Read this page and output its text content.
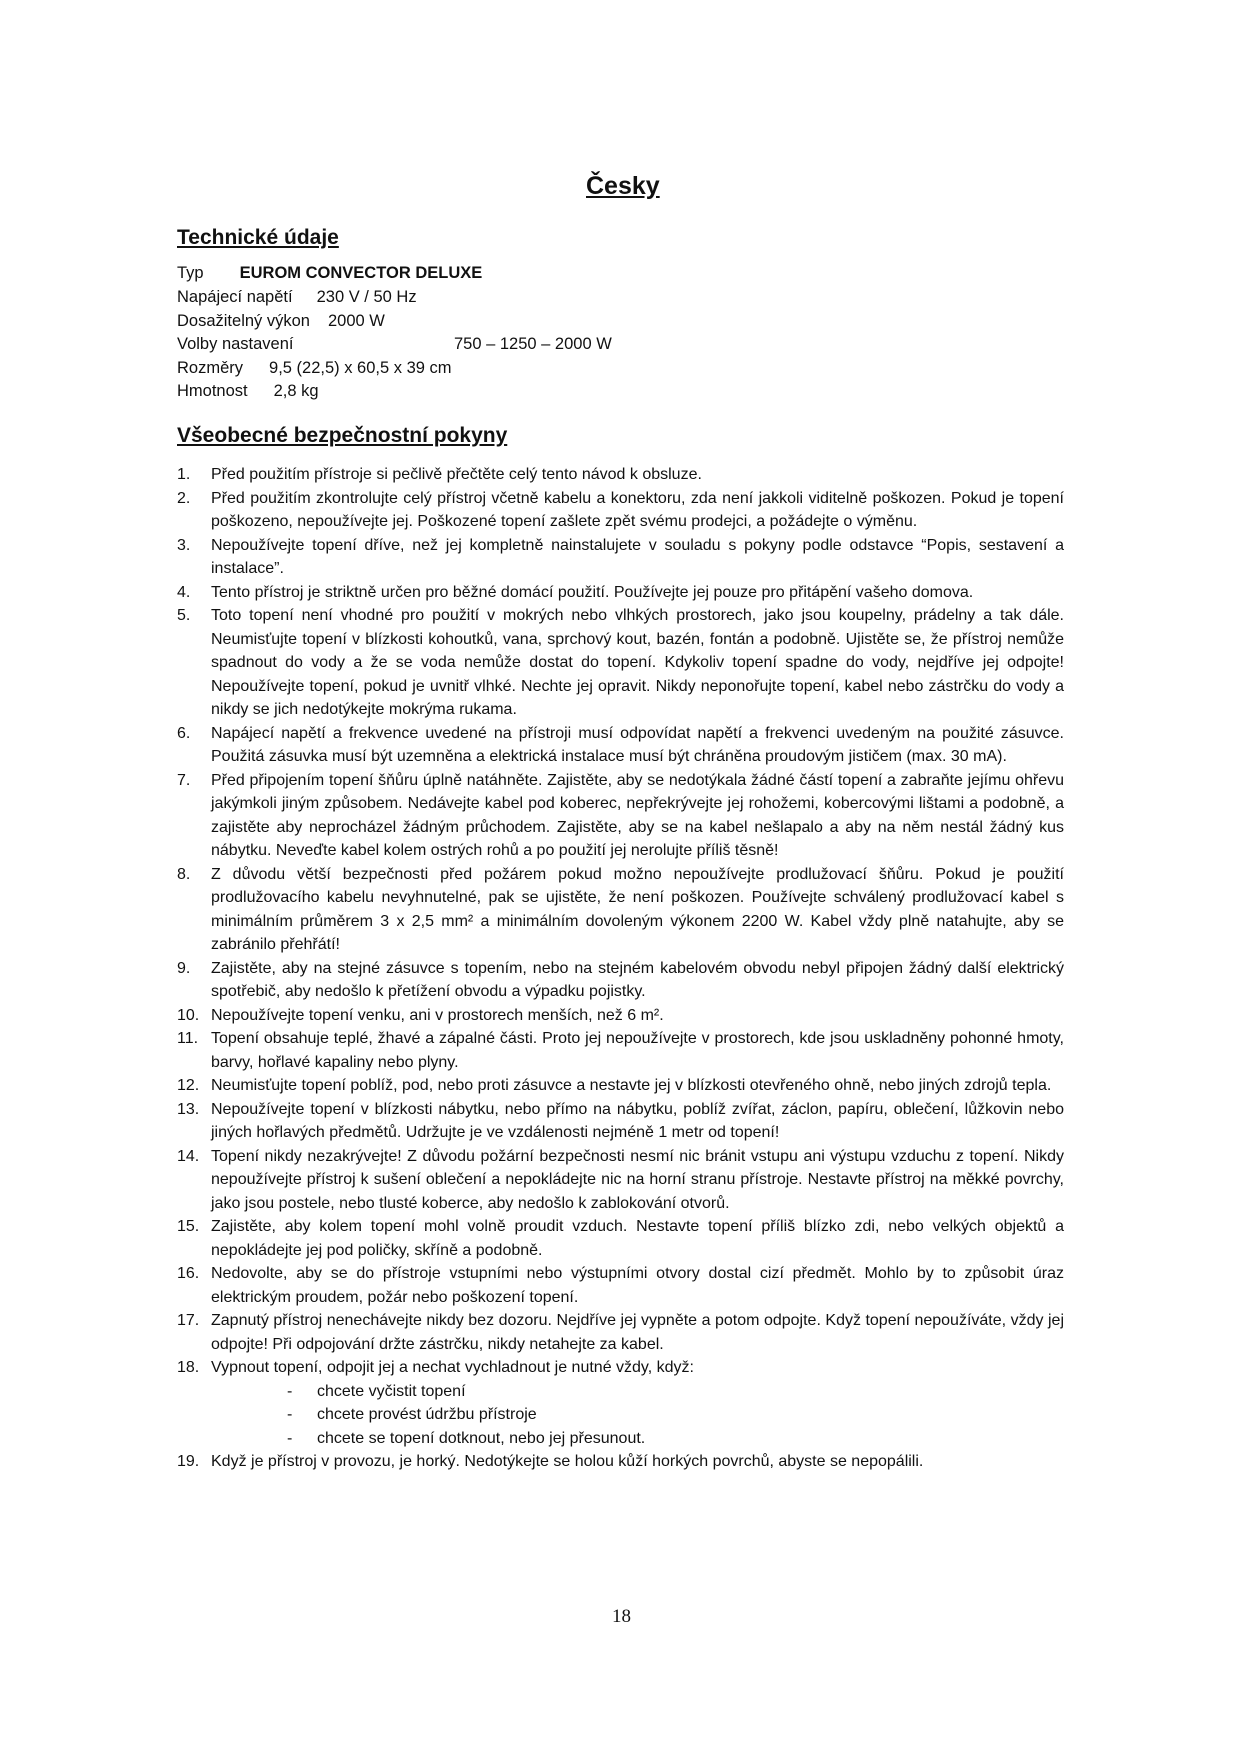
Česky
Technické údaje
Typ EUROM CONVECTOR DELUXE
Napájecí napětí 230 V / 50 Hz
Dosažitelný výkon 2000 W
Volby nastavení	750 – 1250 – 2000 W
Rozměry 9,5 (22,5) x 60,5 x 39 cm
Hmotnost 2,8 kg
Všeobecné bezpečnostní pokyny
1. Před použitím přístroje si pečlivě přečtěte celý tento návod k obsluze.
2. Před použitím zkontrolujte celý přístroj včetně kabelu a konektoru, zda není jakkoli viditelně poškozen. Pokud je topení poškozeno, nepoužívejte jej. Poškozené topení zašlete zpět svému prodejci, a požádejte o výměnu.
3. Nepoužívejte topení dříve, než jej kompletně nainstalujete v souladu s pokyny podle odstavce “Popis, sestavení a instalace”.
4. Tento přístroj je striktně určen pro běžné domácí použití. Používejte jej pouze pro přitápění vašeho domova.
5. Toto topení není vhodné pro použití v mokrých nebo vlhkých prostorech, jako jsou koupelny, prádelny a tak dále. Neumisťujte topení v blízkosti kohoutků, vana, sprchový kout, bazén, fontán a podobně. Ujistěte se, že přístroj nemůže spadnout do vody a že se voda nemůže dostat do topení. Kdykoliv topení spadne do vody, nejdříve jej odpojte! Nepoužívejte topení, pokud je uvnitř vlhké. Nechte jej opravit. Nikdy neponořujte topení, kabel nebo zástrčku do vody a nikdy se jich nedotýkejte mokrýma rukama.
6. Napájecí napětí a frekvence uvedené na přístroji musí odpovídat napětí a frekvenci uvedeným na použité zásuvce. Použitá zásuvka musí být uzemněna a elektrická instalace musí být chráněna proudovým jističem (max. 30 mA).
7. Před připojením topení šňůru úplně natáhněte. Zajistěte, aby se nedotýkala žádné částí topení a zabraňte jejímu ohřevu jakýmkoli jiným způsobem. Nedávejte kabel pod koberec, nepřekrývejte jej rohožemi, kobercovými lištami a podobně, a zajistěte aby neprocházel žádným průchodem. Zajistěte, aby se na kabel nešlapalo a aby na něm nestál žádný kus nábytku. Neveďte kabel kolem ostrých rohů a po použití jej nerolujte příliš těsně!
8. Z důvodu větší bezpečnosti před požárem pokud možno nepoužívejte prodlužovací šňůru. Pokud je použití prodlužovacího kabelu nevyhnutelné, pak se ujistěte, že není poškozen. Používejte schválený prodlužovací kabel s minimálním průměrem 3 x 2,5 mm² a minimálním dovoleným výkonem 2200 W. Kabel vždy plně natahujte, aby se zabránilo přehřátí!
9. Zajistěte, aby na stejné zásuvce s topením, nebo na stejném kabelovém obvodu nebyl připojen žádný další elektrický spotřebič, aby nedošlo k přetížení obvodu a výpadku pojistky.
10. Nepoužívejte topení venku, ani v prostorech menších, než 6 m².
11. Topení obsahuje teplé, žhavé a zápalné části. Proto jej nepoužívejte v prostorech, kde jsou uskladněny pohonné hmoty, barvy, hořlavé kapaliny nebo plyny.
12. Neumisťujte topení poblíž, pod, nebo proti zásuvce a nestavte jej v blízkosti otevřeného ohně, nebo jiných zdrojů tepla.
13. Nepoužívejte topení v blízkosti nábytku, nebo přímo na nábytku, poblíž zvířat, záclon, papíru, oblečení, lůžkovin nebo jiných hořlavých předmětů. Udržujte je ve vzdálenosti nejméně 1 metr od topení!
14. Topení nikdy nezakrývejte! Z důvodu požární bezpečnosti nesmí nic bránit vstupu ani výstupu vzduchu z topení. Nikdy nepoužívejte přístroj k sušení oblečení a nepokládejte nic na horní stranu přístroje. Nestavte přístroj na měkké povrchy, jako jsou postele, nebo tlusté koberce, aby nedošlo k zablokování otvorů.
15. Zajistěte, aby kolem topení mohl volně proudit vzduch. Nestavte topení příliš blízko zdi, nebo velkých objektů a nepokládejte jej pod poličky, skříně a podobně.
16. Nedovolte, aby se do přístroje vstupními nebo výstupními otvory dostal cizí předmět. Mohlo by to způsobit úraz elektrickým proudem, požár nebo poškození topení.
17. Zapnutý přístroj nenechávejte nikdy bez dozoru. Nejdříve jej vypněte a potom odpojte. Když topení nepoužíváte, vždy jej odpojte! Při odpojování držte zástrčku, nikdy netahejte za kabel.
18. Vypnout topení, odpojit jej a nechat vychladnout je nutné vždy, když:
- chcete vyčistit topení
- chcete provést údržbu přístroje
- chcete se topení dotknout, nebo jej přesunout.
19. Když je přístroj v provozu, je horký. Nedotýkejte se holou kůží horkých povrchů, abyste se nepopálili.
18
